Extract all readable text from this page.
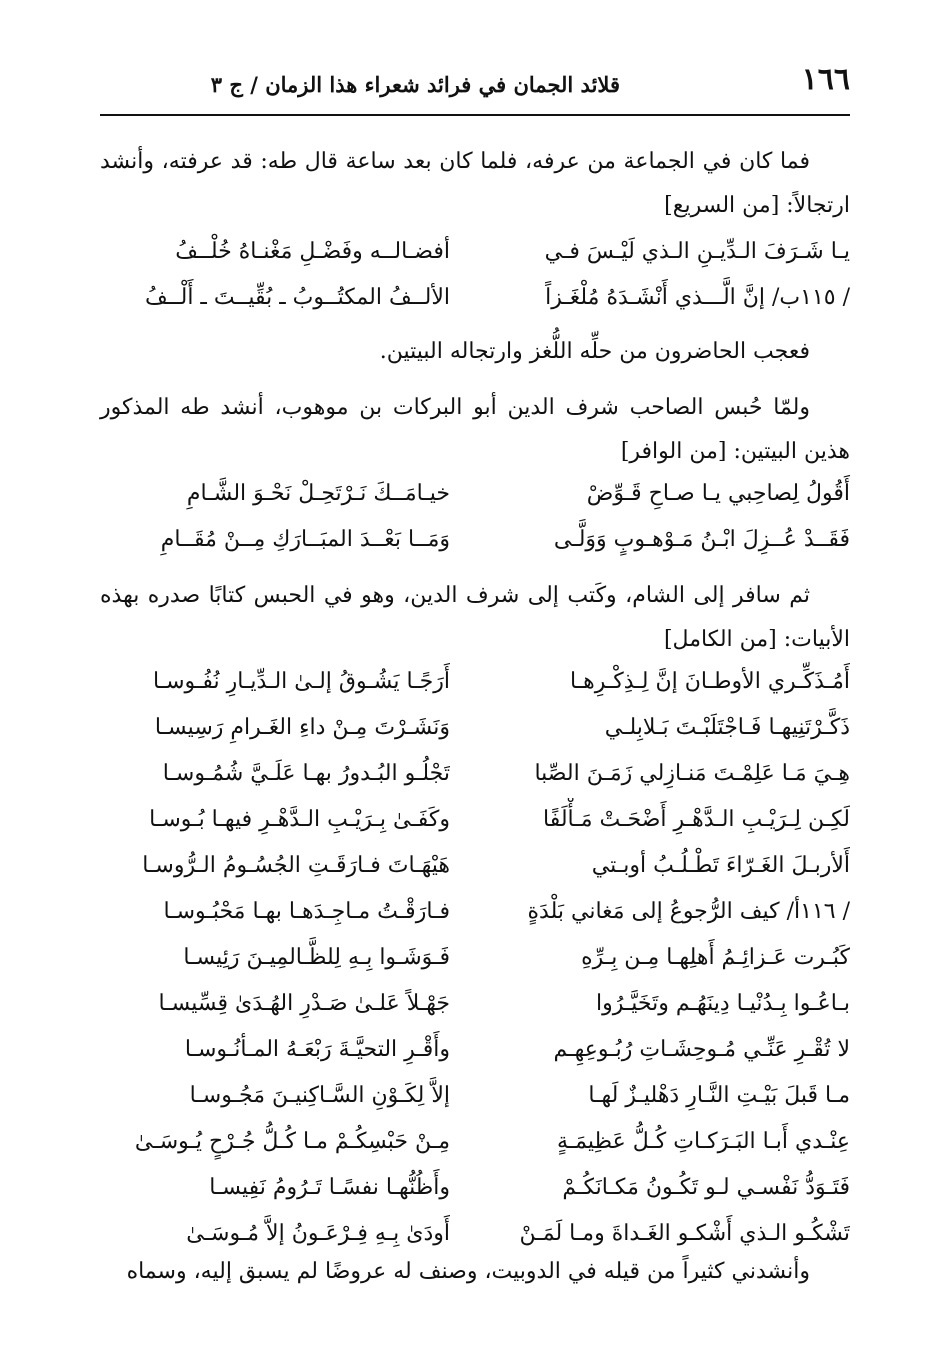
١٦٦
قلائد الجمان في فرائد شعراء هذا الزمان / ج ٣
فما كان في الجماعة من عرفه، فلما كان بعد ساعة قال طه: قد عرفته، وأنشد ارتجالاً: [من السريع]
يـا شَـرَفَ الـدِّيـنِ الـذي لَيْـسَ فـي
أفضـالــه وفَضْـلِ مَغْنـاهُ خُلْــفُ
/ ١١٥ب/ إنَّ الَّـــذي أَنْشَـدَهُ مُلْغَـزاً
الألــفُ المكتُــوبُ ـ بُقِّيــتَ ـ أَلْــفُ
فعجب الحاضرون من حلِّه اللُّغز وارتجاله البيتين.
ولمّا حُبس الصاحب شرف الدين أبو البركات بن موهوب، أنشد طه المذكور هذين البيتين: [من الوافر]
أَقُولُ لِصاحِبي يـا صـاحِ قَـوِّضْ
خيـامَــكَ نَـرْتَحِـلْ نَحْـوَ الشَّـامِ
فَقَــدْ عُــزِلَ ابْـنُ مَـوْهـوبٍ وَوَلَّـى
وَمَــا بَعْــدَ المبَــارَكِ مِــنْ مُقَــامِ
ثم سافر إلى الشام، وكَتب إلى شرف الدين، وهو في الحبس كتابًا صدره بهذه الأبيات: [من الكامل]
أَمُـذَكِّـري الأوطـانَ إنَّ لِـذِكْـرِهـا
أَرَجًـا يَشُـوقُ إلـىٰ الـدِّيـارِ نُفُـوسـا
ذَكَّـرْتَنِيهـا فَـاجْتَلَبْـتَ بَـلابِلـي
وَنَشَـرْتَ مِـنْ داءِ الغَـرامِ رَسِيسـا
هِـيَ مَـا عَلِمْـتَ مَنـازِلي زَمَـنَ الصِّبا
تَجْلُـو البُـدورُ بهـا عَلَـيَّ شُمُـوسـا
لَكِـن لِـرَيْـبِ الـدَّهْـرِ أَضْحَـتْ مَـأْلَفًا
وكَفَـىٰ بِـرَيْـبِ الـدَّهْـرِ فيهـا بُـوسـا
أَلأربـلَ الغَـرّاءَ تَطْـلُـبُ أوبـتي
هَيْهَـاتَ فـارَقَـتِ الجُسُـومُ الـرُّوسـا
/ ١١٦أ/ كيف الرُّجوعُ إلى مَغاني بَلْدَةٍ
فـارَقْـتُ مـاجِـدَهـا بهـا مَحْبُـوسـا
كَبُـرت عَـزائِـمُ أَهلِهـا مِـن بِـرِّهِ
فَـوَشَـوا بِـهِ لِلظَّـالمِيـنَ رَئِيسـا
بـاعُـوا بِـدُنْيـا دِينَهُـم وتَخَيَّـرُوا
جَهْـلاً عَلـىٰ صَـدْرِ الهُـدَىٰ قِسِّيسـا
لا تُقْـرِ عَنِّـي مُـوحِشَـاتِ رُبُـوعِهِـم
وأَقْـرِ التحيَّـةَ رَبْعَـهُ المـأنُـوسـا
مـا قَبلَ بَيْـتِ النَّـارِ دَهْليـزٌ لَهـا
إلاَّ لِكَـوْنِ السَّـاكِنيـنَ مَجُـوسـا
عِنْـدي أَبـا البَـرَكـاتِ كُـلُّ عَظِيمَـةٍ
مِـنْ حَبْسِكُـمْ مـا كُـلُّ جُـرْحٍ يُـوسَـىٰ
فَتَـوَدُّ نَفْسـي لـو تَكُـونُ مَكـانَكُـمْ
وأَظُنُّهـا نفسًـا تَـرُومُ نَفِيسـا
تَشْكُـو الـذي أَشْكـو الغَـداةَ ومـا لَمَـنْ
أَودَىٰ بِـهِ فِـرْعَـونُ إلاَّ مُـوسَـىٰ
وأنشدني كثيراً من قيله في الدوبيت، وصنف له عروضًا لم يسبق إليه، وسماه
